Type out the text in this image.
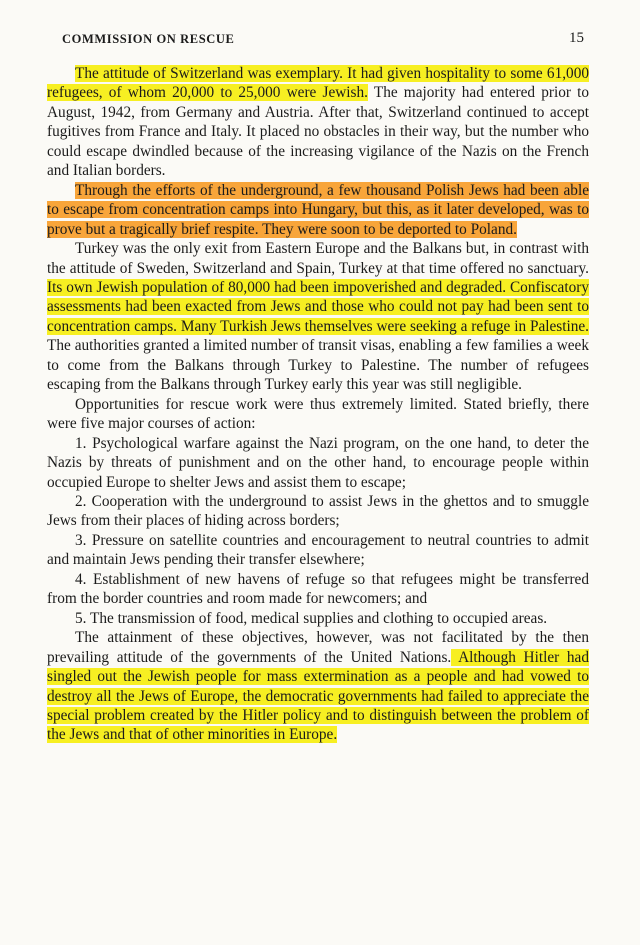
COMMISSION ON RESCUE	15

The attitude of Switzerland was exemplary. It had given hospitality to some 61,000 refugees, of whom 20,000 to 25,000 were Jewish. The majority had entered prior to August, 1942, from Germany and Austria. After that, Switzerland continued to accept fugitives from France and Italy. It placed no obstacles in their way, but the number who could escape dwindled because of the increasing vigilance of the Nazis on the French and Italian borders.

Through the efforts of the underground, a few thousand Polish Jews had been able to escape from concentration camps into Hungary, but this, as it later developed, was to prove but a tragically brief respite. They were soon to be deported to Poland.

Turkey was the only exit from Eastern Europe and the Balkans but, in contrast with the attitude of Sweden, Switzerland and Spain, Turkey at that time offered no sanctuary. Its own Jewish population of 80,000 had been impoverished and degraded. Confiscatory assessments had been exacted from Jews and those who could not pay had been sent to concentration camps. Many Turkish Jews themselves were seeking a refuge in Palestine. The authorities granted a limited number of transit visas, enabling a few families a week to come from the Balkans through Turkey to Palestine. The number of refugees escaping from the Balkans through Turkey early this year was still negligible.

Opportunities for rescue work were thus extremely limited. Stated briefly, there were five major courses of action:

1. Psychological warfare against the Nazi program, on the one hand, to deter the Nazis by threats of punishment and on the other hand, to encourage people within occupied Europe to shelter Jews and assist them to escape;

2. Cooperation with the underground to assist Jews in the ghettos and to smuggle Jews from their places of hiding across borders;

3. Pressure on satellite countries and encouragement to neutral countries to admit and maintain Jews pending their transfer elsewhere;

4. Establishment of new havens of refuge so that refugees might be transferred from the border countries and room made for newcomers; and

5. The transmission of food, medical supplies and clothing to occupied areas.

The attainment of these objectives, however, was not facilitated by the then prevailing attitude of the governments of the United Nations. Although Hitler had singled out the Jewish people for mass extermination as a people and had vowed to destroy all the Jews of Europe, the democratic governments had failed to appreciate the special problem created by the Hitler policy and to distinguish between the problem of the Jews and that of other minorities in Europe.
